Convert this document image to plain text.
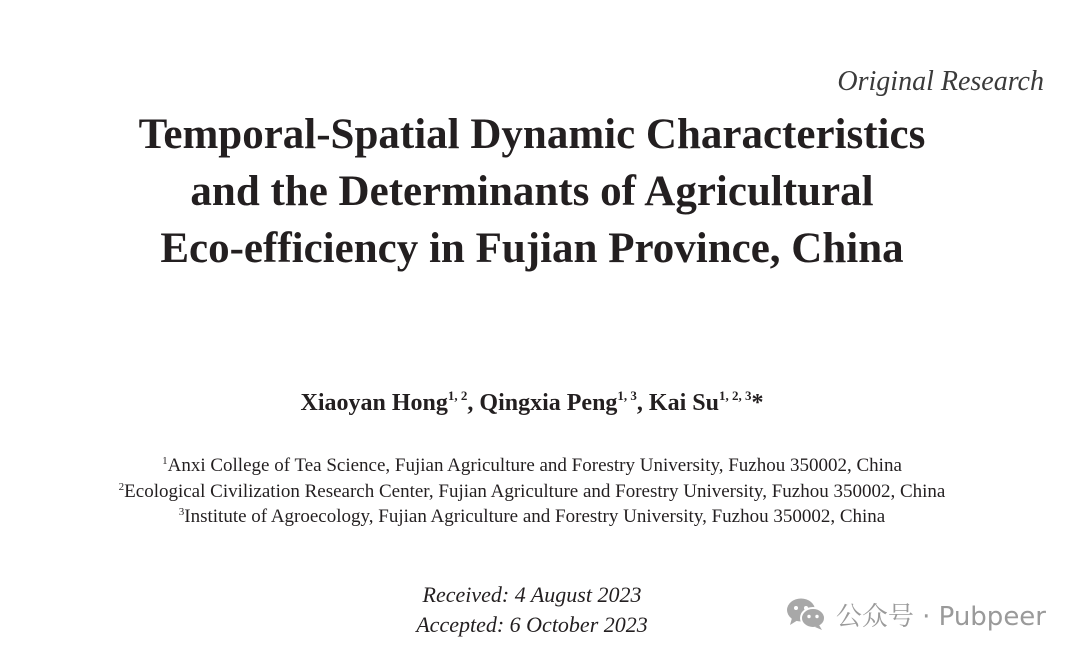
Original Research
Temporal-Spatial Dynamic Characteristics
and the Determinants of Agricultural
Eco-efficiency in Fujian Province, China
Xiaoyan Hong$^{1, 2}$, Qingxia Peng$^{1, 3}$, Kai Su$^{1, 2, 3}$*
$^1$Anxi College of Tea Science, Fujian Agriculture and Forestry University, Fuzhou 350002, China
$^2$Ecological Civilization Research Center, Fujian Agriculture and Forestry University, Fuzhou 350002, China
$^3$Institute of Agroecology, Fujian Agriculture and Forestry University, Fuzhou 350002, China
Received: 4 August 2023
Accepted: 6 October 2023	公众号 · Pubpeer
